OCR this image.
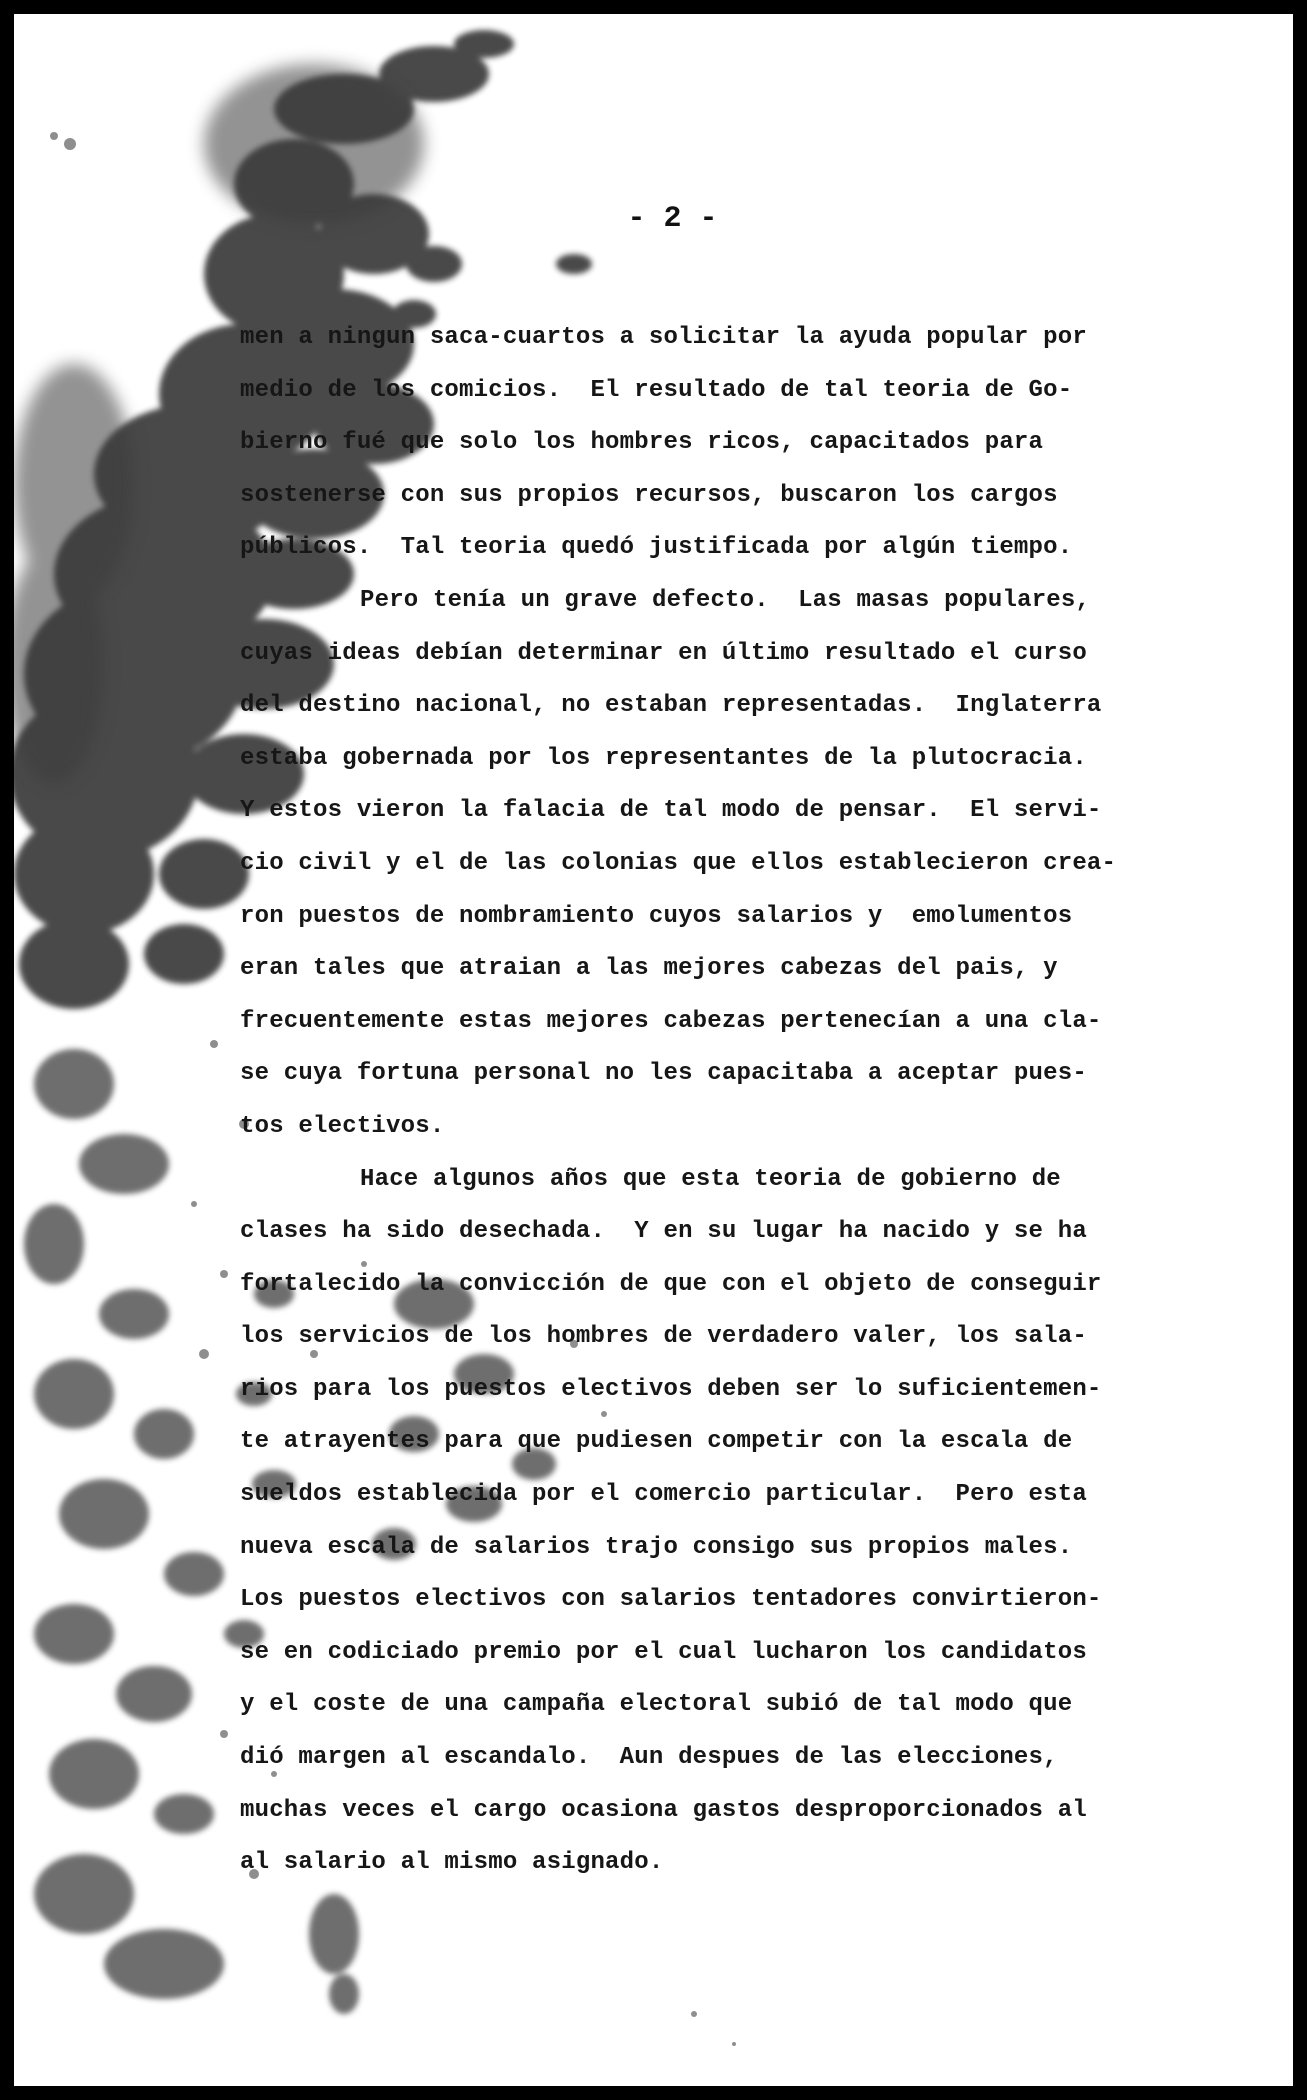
- 2 -
men a ningun saca-cuartos a solicitar la ayuda popular por
medio de los comicios.  El resultado de tal teoria de Go-
bierno fué que solo los hombres ricos, capacitados para
sostenerse con sus propios recursos, buscaron los cargos
públicos.  Tal teoria quedó justificada por algún tiempo.
Pero tenía un grave defecto.  Las masas populares,
cuyas ideas debían determinar en último resultado el curso
del destino nacional, no estaban representadas.  Inglaterra
estaba gobernada por los representantes de la plutocracia.
Y estos vieron la falacia de tal modo de pensar.  El servi-
cio civil y el de las colonias que ellos establecieron crea-
ron puestos de nombramiento cuyos salarios y  emolumentos
eran tales que atraian a las mejores cabezas del pais, y
frecuentemente estas mejores cabezas pertenecían a una cla-
se cuya fortuna personal no les capacitaba a aceptar pues-
tos electivos.
Hace algunos años que esta teoria de gobierno de
clases ha sido desechada.  Y en su lugar ha nacido y se ha
fortalecido la convicción de que con el objeto de conseguir
los servicios de los hombres de verdadero valer, los sala-
rios para los puestos electivos deben ser lo suficientemen-
te atrayentes para que pudiesen competir con la escala de
sueldos establecida por el comercio particular.  Pero esta
nueva escala de salarios trajo consigo sus propios males.
Los puestos electivos con salarios tentadores convirtieron-
se en codiciado premio por el cual lucharon los candidatos
y el coste de una campaña electoral subió de tal modo que
dió margen al escandalo.  Aun despues de las elecciones,
muchas veces el cargo ocasiona gastos desproporcionados al
al salario al mismo asignado.
